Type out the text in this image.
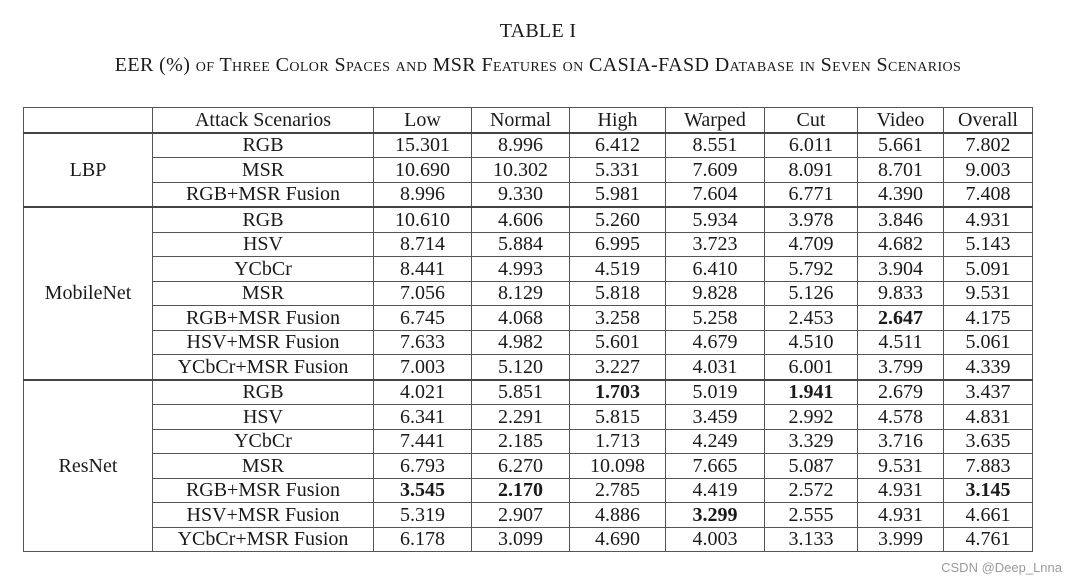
TABLE I
EER (%) of Three Color Spaces and MSR Features on CASIA-FASD Database in Seven Scenarios
	Attack Scenarios	Low	Normal	High	Warped	Cut	Video	Overall
LBP	RGB	15.301	8.996	6.412	8.551	6.011	5.661	7.802
	MSR	10.690	10.302	5.331	7.609	8.091	8.701	9.003
	RGB+MSR Fusion	8.996	9.330	5.981	7.604	6.771	4.390	7.408
MobileNet	RGB	10.610	4.606	5.260	5.934	3.978	3.846	4.931
	HSV	8.714	5.884	6.995	3.723	4.709	4.682	5.143
	YCbCr	8.441	4.993	4.519	6.410	5.792	3.904	5.091
	MSR	7.056	8.129	5.818	9.828	5.126	9.833	9.531
	RGB+MSR Fusion	6.745	4.068	3.258	5.258	2.453	2.647	4.175
	HSV+MSR Fusion	7.633	4.982	5.601	4.679	4.510	4.511	5.061
	YCbCr+MSR Fusion	7.003	5.120	3.227	4.031	6.001	3.799	4.339
ResNet	RGB	4.021	5.851	1.703	5.019	1.941	2.679	3.437
	HSV	6.341	2.291	5.815	3.459	2.992	4.578	4.831
	YCbCr	7.441	2.185	1.713	4.249	3.329	3.716	3.635
	MSR	6.793	6.270	10.098	7.665	5.087	9.531	7.883
	RGB+MSR Fusion	3.545	2.170	2.785	4.419	2.572	4.931	3.145
	HSV+MSR Fusion	5.319	2.907	4.886	3.299	2.555	4.931	4.661
	YCbCr+MSR Fusion	6.178	3.099	4.690	4.003	3.133	3.999	4.761
CSDN @Deep_Lnna
